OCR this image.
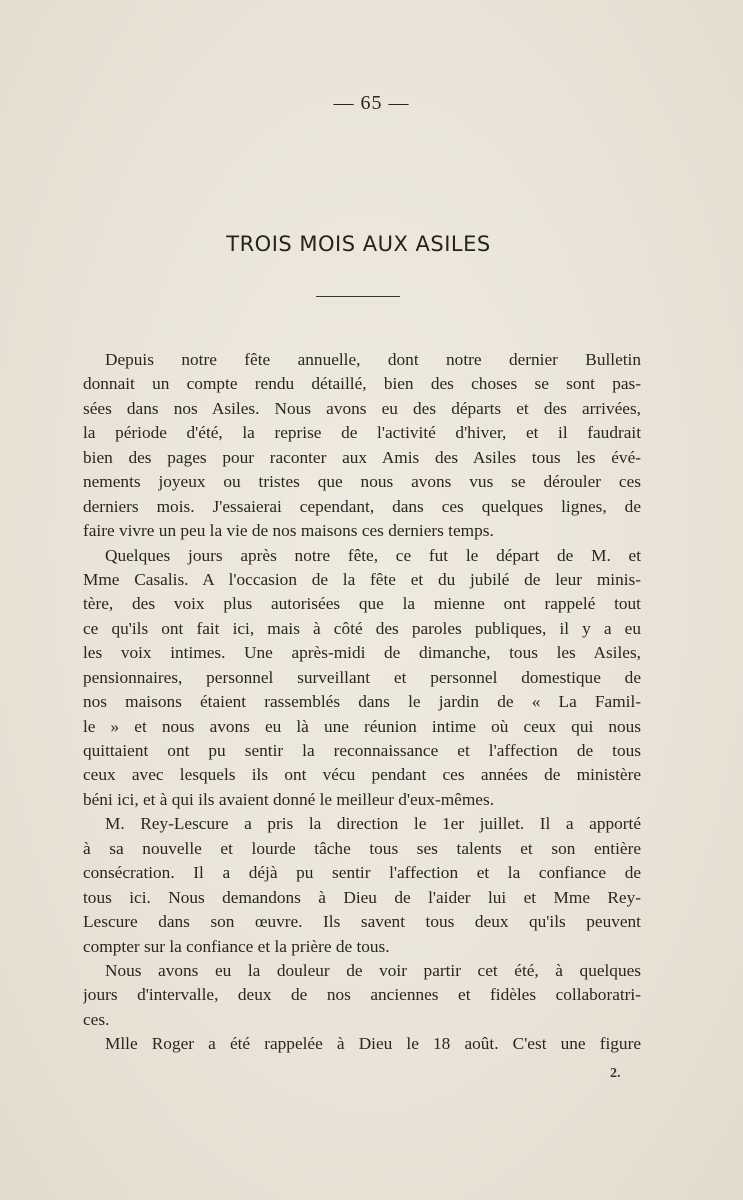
— 65 —
TROIS MOIS AUX ASILES
Depuis notre fête annuelle, dont notre dernier Bulletin
donnait un compte rendu détaillé, bien des choses se sont pas-
sées dans nos Asiles. Nous avons eu des départs et des arrivées,
la période d'été, la reprise de l'activité d'hiver, et il faudrait
bien des pages pour raconter aux Amis des Asiles tous les évé-
nements joyeux ou tristes que nous avons vus se dérouler ces
derniers mois. J'essaierai cependant, dans ces quelques lignes, de
faire vivre un peu la vie de nos maisons ces derniers temps.
Quelques jours après notre fête, ce fut le départ de M. et
Mme Casalis. A l'occasion de la fête et du jubilé de leur minis-
tère, des voix plus autorisées que la mienne ont rappelé tout
ce qu'ils ont fait ici, mais à côté des paroles publiques, il y a eu
les voix intimes. Une après-midi de dimanche, tous les Asiles,
pensionnaires, personnel surveillant et personnel domestique de
nos maisons étaient rassemblés dans le jardin de « La Famil-
le » et nous avons eu là une réunion intime où ceux qui nous
quittaient ont pu sentir la reconnaissance et l'affection de tous
ceux avec lesquels ils ont vécu pendant ces années de ministère
béni ici, et à qui ils avaient donné le meilleur d'eux-mêmes.
M. Rey-Lescure a pris la direction le 1er juillet. Il a apporté
à sa nouvelle et lourde tâche tous ses talents et son entière
consécration. Il a déjà pu sentir l'affection et la confiance de
tous ici. Nous demandons à Dieu de l'aider lui et Mme Rey-
Lescure dans son œuvre. Ils savent tous deux qu'ils peuvent
compter sur la confiance et la prière de tous.
Nous avons eu la douleur de voir partir cet été, à quelques
jours d'intervalle, deux de nos anciennes et fidèles collaboratri-
ces.
Mlle Roger a été rappelée à Dieu le 18 août. C'est une figure
2.
